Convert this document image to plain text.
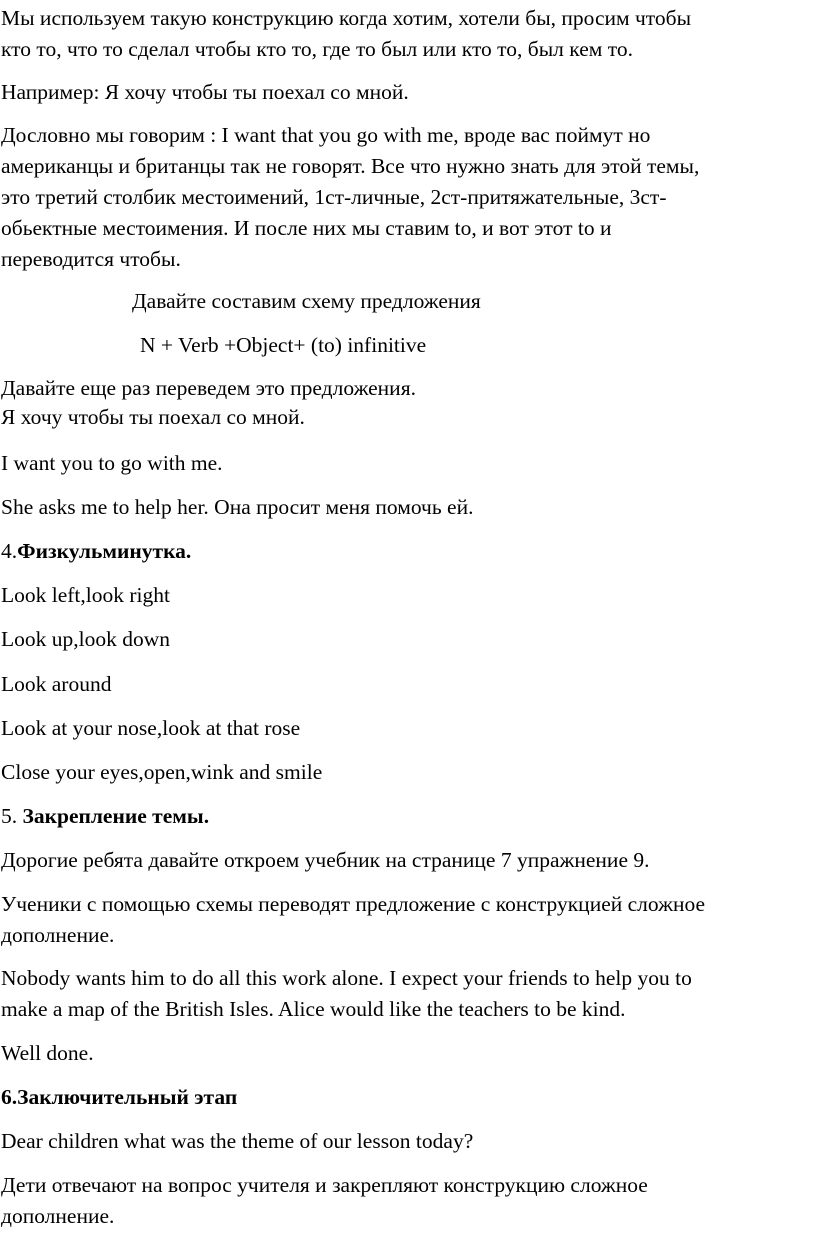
Мы используем такую конструкцию когда хотим, хотели бы, просим чтобы
кто то, что то сделал чтобы кто то, где то был или кто то, был кем то.
Например: Я хочу чтобы ты поехал со мной.
Дословно мы говорим : I want that you go with me, вроде вас поймут но
американцы и британцы так не говорят. Все что нужно знать для этой темы,
это третий столбик местоимений, 1ст-личные, 2ст-притяжательные, 3ст-
обьектные местоимения. И после них мы ставим to, и вот этот to и
переводится чтобы.
Давайте составим схему предложения
N + Verb +Object+ (to) infinitive
Давайте еще раз переведем это предложения.
Я хочу чтобы ты поехал со мной.
I want you to go with me.
She asks me to help her. Она просит меня помочь ей.
4.Физкульминутка.
Look left,look right
Look up,look down
Look around
Look at your nose,look at that rose
Close your eyes,open,wink and smile
5. Закрепление темы.
Дорогие ребята давайте откроем учебник на странице 7 упражнение 9.
Ученики с помощью схемы переводят предложение с конструкцией сложное
дополнение.
Nobody wants him to do all this work alone. I expect your friends to help you to
make a map of the British Isles. Alice would like the teachers to be kind.
Well done.
6.Заключительный этап
Dear children what was the theme of our lesson today?
Дети отвечают на вопрос учителя и закрепляют конструкцию сложное
дополнение.
